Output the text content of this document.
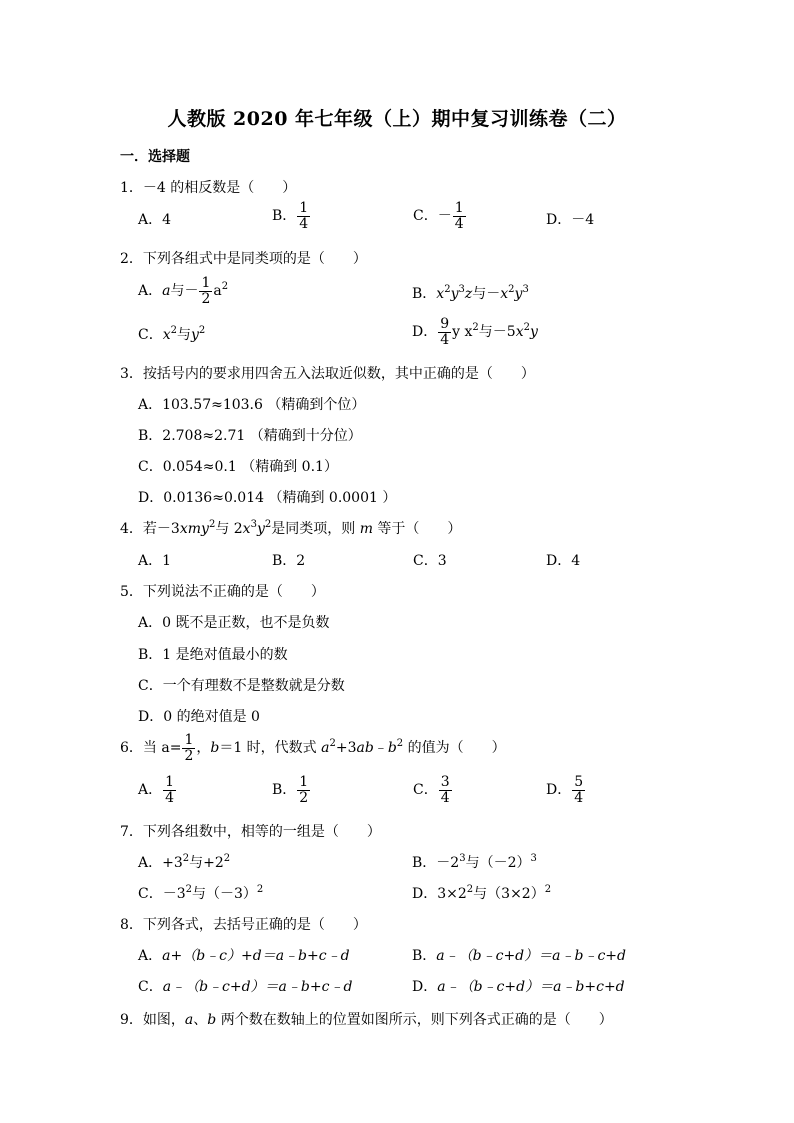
人教版 2020 年七年级（上）期中复习训练卷（二）
一．选择题
1．－4 的相反数是（　　）
A．4	B． $\frac{1}{4}$	C．－ $\frac{1}{4}$	D．－4
2．下列各组式中是同类项的是（　　）
A．a与－ $\frac{1}{2} a^2$	B．$x^2y^3z$与$-x^2y^3$
C．$x^2$与$y^2$	D． $\frac{9}{4}$ y $x^2$与$-5x^2y$
3．按括号内的要求用四舍五入法取近似数，其中正确的是（　　）
A．103.57≈103.6 （精确到个位）
B．2.708≈2.71 （精确到十分位）
C．0.054≈0.1 （精确到 0.1）
D．0.0136≈0.014 （精确到 0.0001 ）
4．若－3xmy$^2$与 $2x^3y^2$是同类项，则 m 等于（　　）
A．1	B．2	C．3	D．4
5．下列说法不正确的是（　　）
A．0 既不是正数，也不是负数
B．1 是绝对值最小的数
C．一个有理数不是整数就是分数
D．0 的绝对值是 0
6．当 $a= \frac{1}{2}$ ，b＝1 时，代数式 $a^2+3ab﹣b^2$ 的值为（　　）
A． $\frac{1}{4}$	B． $\frac{1}{2}$	C． $\frac{3}{4}$	D． $\frac{5}{4}$
7．下列各组数中，相等的一组是（　　）
A．$+3^2$与$+2^2$	B．$-2^3$与$(-2)^3$
C．$-3^2$与$(-3)^2$	D．$3\times 2^2$与$(3\times 2)^2$
8．下列各式，去括号正确的是（　　）
A．a+（b﹣c）+d＝a﹣b+c﹣d	B．a﹣（b﹣c+d）＝a﹣b﹣c+d
C．a﹣（b﹣c+d）＝a﹣b+c﹣d	D．a﹣（b﹣c+d）＝a﹣b+c+d
9．如图，a、b 两个数在数轴上的位置如图所示，则下列各式正确的是（　　）
